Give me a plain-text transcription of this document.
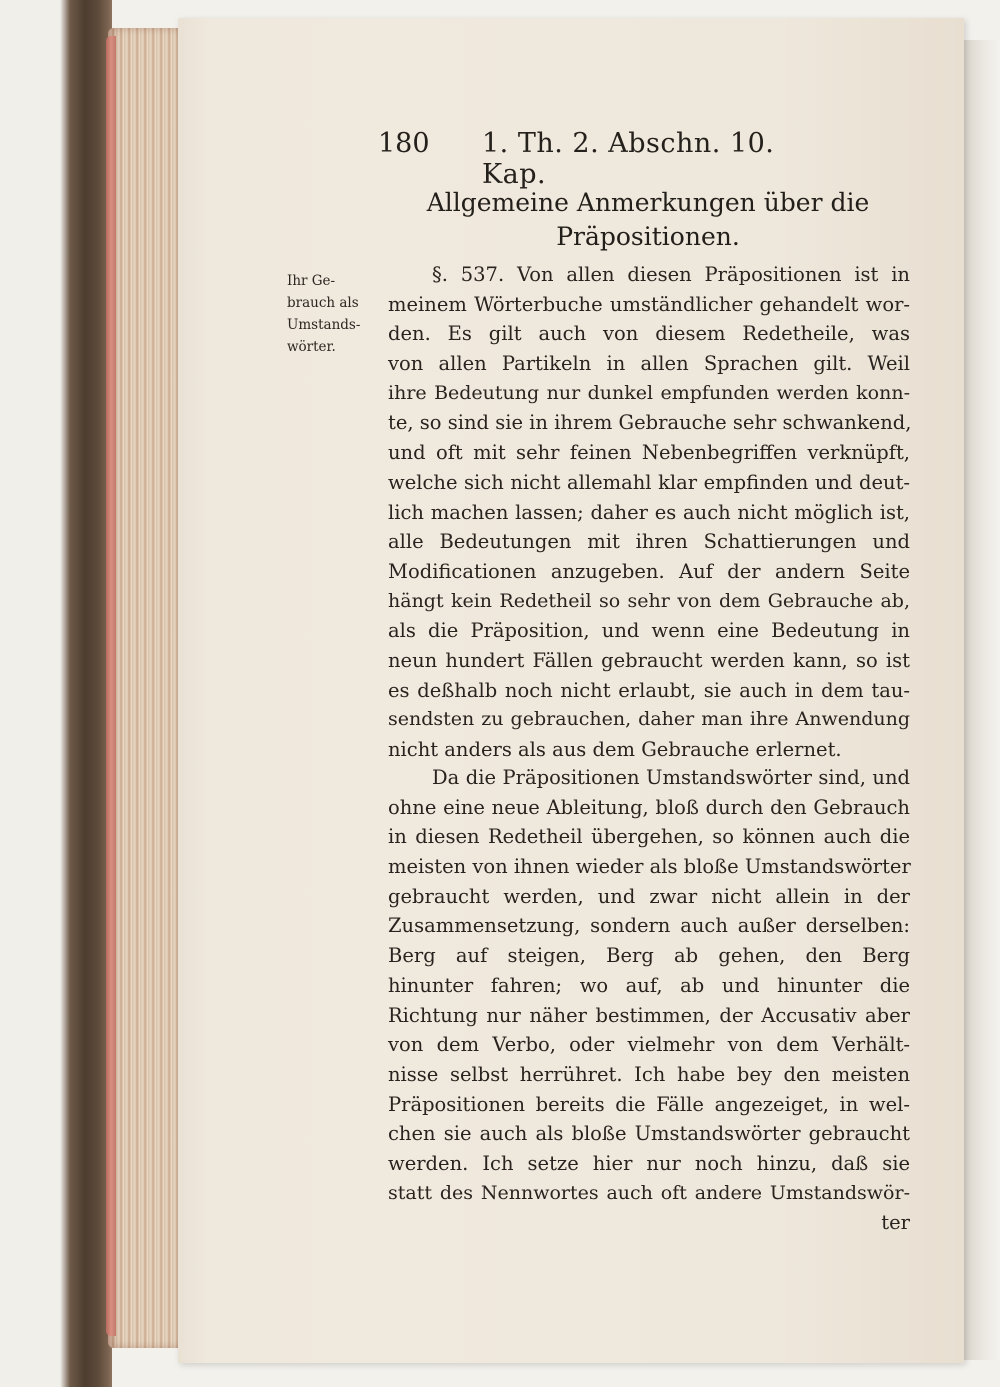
180 1. Th. 2. Abschn. 10. Kap.
Allgemeine Anmerkungen über die
Präpositionen.
Ihr Ge-
brauch als
Umstands-
wörter.
§. 537. Von allen diesen Präpositionen ist in
meinem Wörterbuche umständlicher gehandelt wor-
den. Es gilt auch von diesem Redetheile, was
von allen Partikeln in allen Sprachen gilt. Weil
ihre Bedeutung nur dunkel empfunden werden konn-
te, so sind sie in ihrem Gebrauche sehr schwankend,
und oft mit sehr feinen Nebenbegriffen verknüpft,
welche sich nicht allemahl klar empfinden und deut-
lich machen lassen; daher es auch nicht möglich ist,
alle Bedeutungen mit ihren Schattierungen und
Modificationen anzugeben. Auf der andern Seite
hängt kein Redetheil so sehr von dem Gebrauche ab,
als die Präposition, und wenn eine Bedeutung in
neun hundert Fällen gebraucht werden kann, so ist
es deßhalb noch nicht erlaubt, sie auch in dem tau-
sendsten zu gebrauchen, daher man ihre Anwendung
nicht anders als aus dem Gebrauche erlernet.
Da die Präpositionen Umstandswörter sind, und
ohne eine neue Ableitung, bloß durch den Gebrauch
in diesen Redetheil übergehen, so können auch die
meisten von ihnen wieder als bloße Umstandswörter
gebraucht werden, und zwar nicht allein in der
Zusammensetzung, sondern auch außer derselben:
Berg auf steigen, Berg ab gehen, den Berg
hinunter fahren; wo auf, ab und hinunter die
Richtung nur näher bestimmen, der Accusativ aber
von dem Verbo, oder vielmehr von dem Verhält-
nisse selbst herrühret. Ich habe bey den meisten
Präpositionen bereits die Fälle angezeiget, in wel-
chen sie auch als bloße Umstandswörter gebraucht
werden. Ich setze hier nur noch hinzu, daß sie
statt des Nennwortes auch oft andere Umstandswör-
ter
